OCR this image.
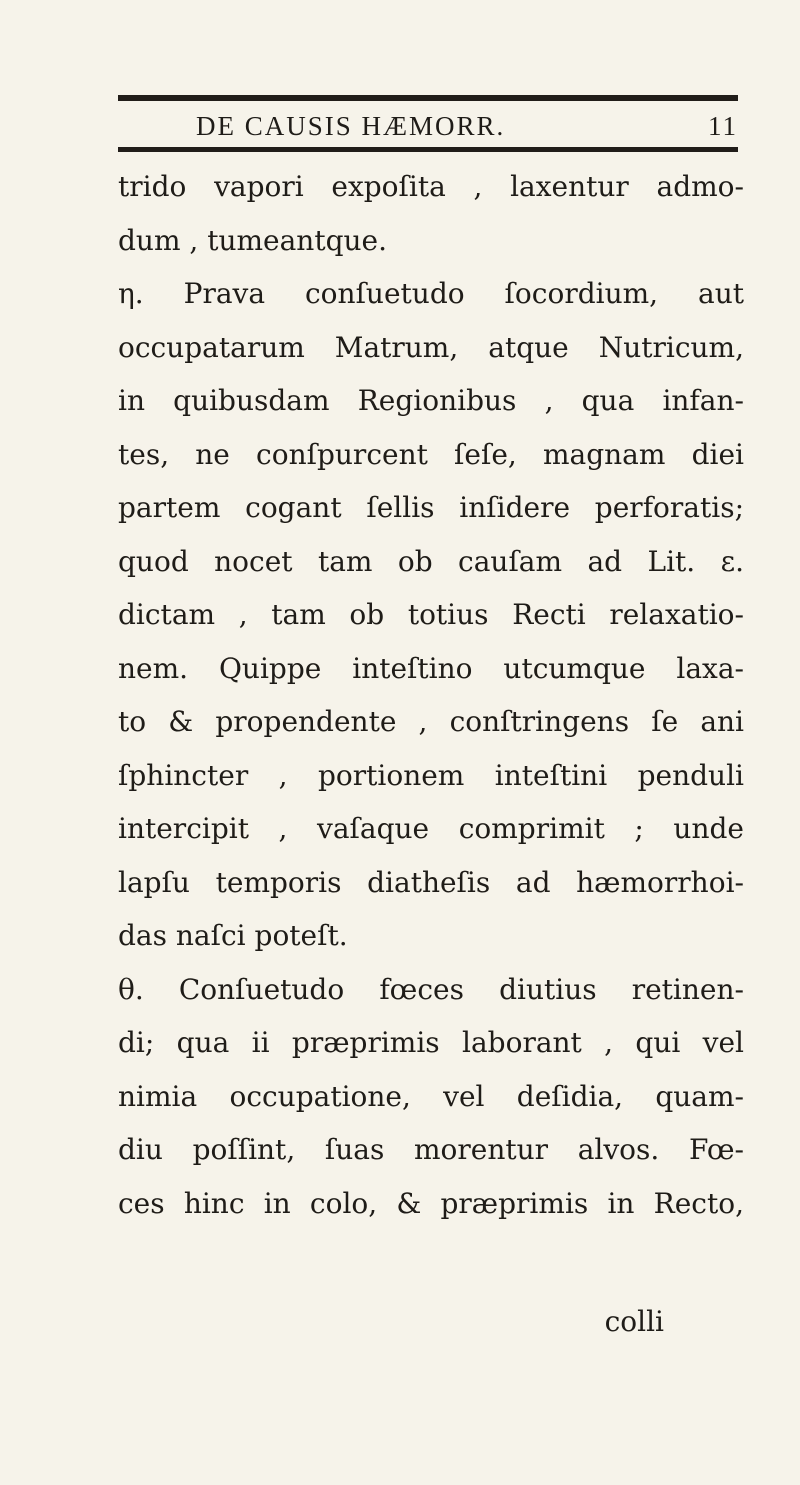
DE CAUSIS HÆMORR.	11
trido vapori expoſita , laxentur admo-
dum , tumeantque.
η. Prava conſuetudo ſocordium, aut
occupatarum Matrum, atque Nutricum,
in quibusdam Regionibus , qua infan-
tes, ne conſpurcent ſeſe, magnam diei
partem cogant ſellis inſidere perforatis;
quod nocet tam ob cauſam ad Lit. ε.
dictam , tam ob totius Recti relaxatio-
nem. Quippe inteſtino utcumque laxa-
to & propendente , conſtringens ſe ani
ſphincter , portionem inteſtini penduli
intercipit , vaſaque comprimit ; unde
lapſu temporis diatheſis ad hæmorrhoi-
das naſci poteſt.
θ. Conſuetudo fœces diutius retinen-
di; qua ii præprimis laborant , qui vel
nimia occupatione, vel deſidia, quam-
diu poſſint, ſuas morentur alvos. Fœ-
ces hinc in colo, & præprimis in Recto,
colli
